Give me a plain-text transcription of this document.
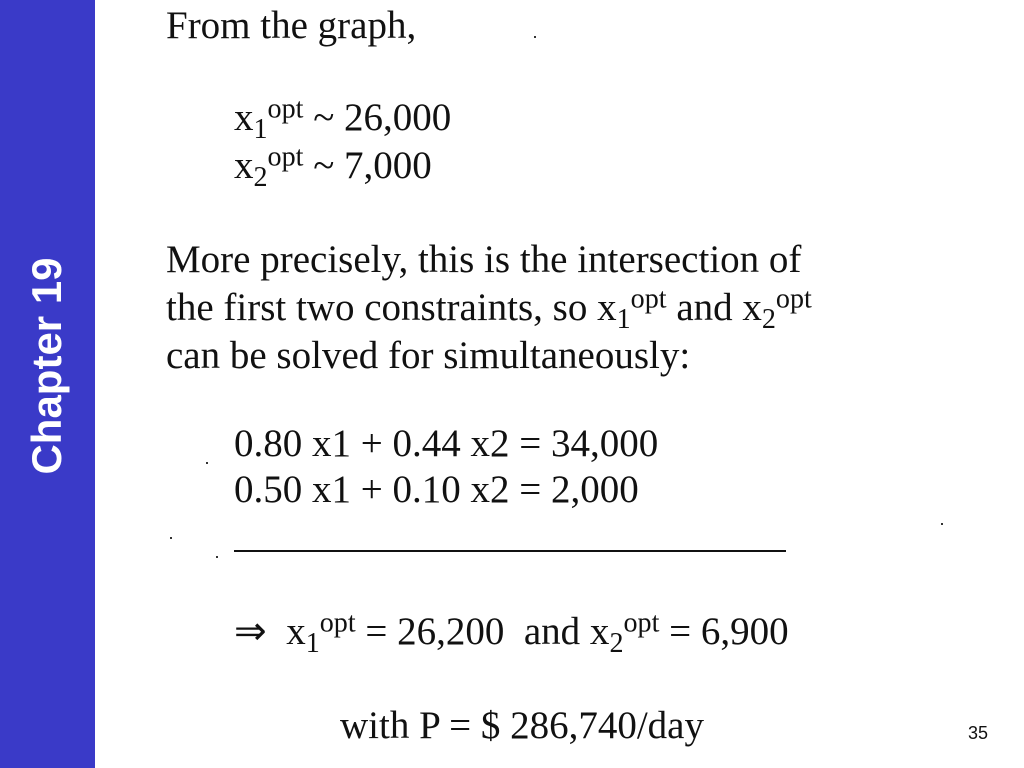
Chapter 19
From the graph,
$x_1^{opt}$ ~ 26,000
$x_2^{opt}$ ~ 7,000
More precisely, this is the intersection of
the first two constraints, so $x_1^{opt}$ and $x_2^{opt}$
can be solved for simultaneously:
0.80 x1 + 0.44 x2 = 34,000
0.50 x1 + 0.10 x2 = 2,000
⇒ $x_1^{opt} = 26,200$ and $x_2^{opt} = 6,900$
with P = $ 286,740/day	35
